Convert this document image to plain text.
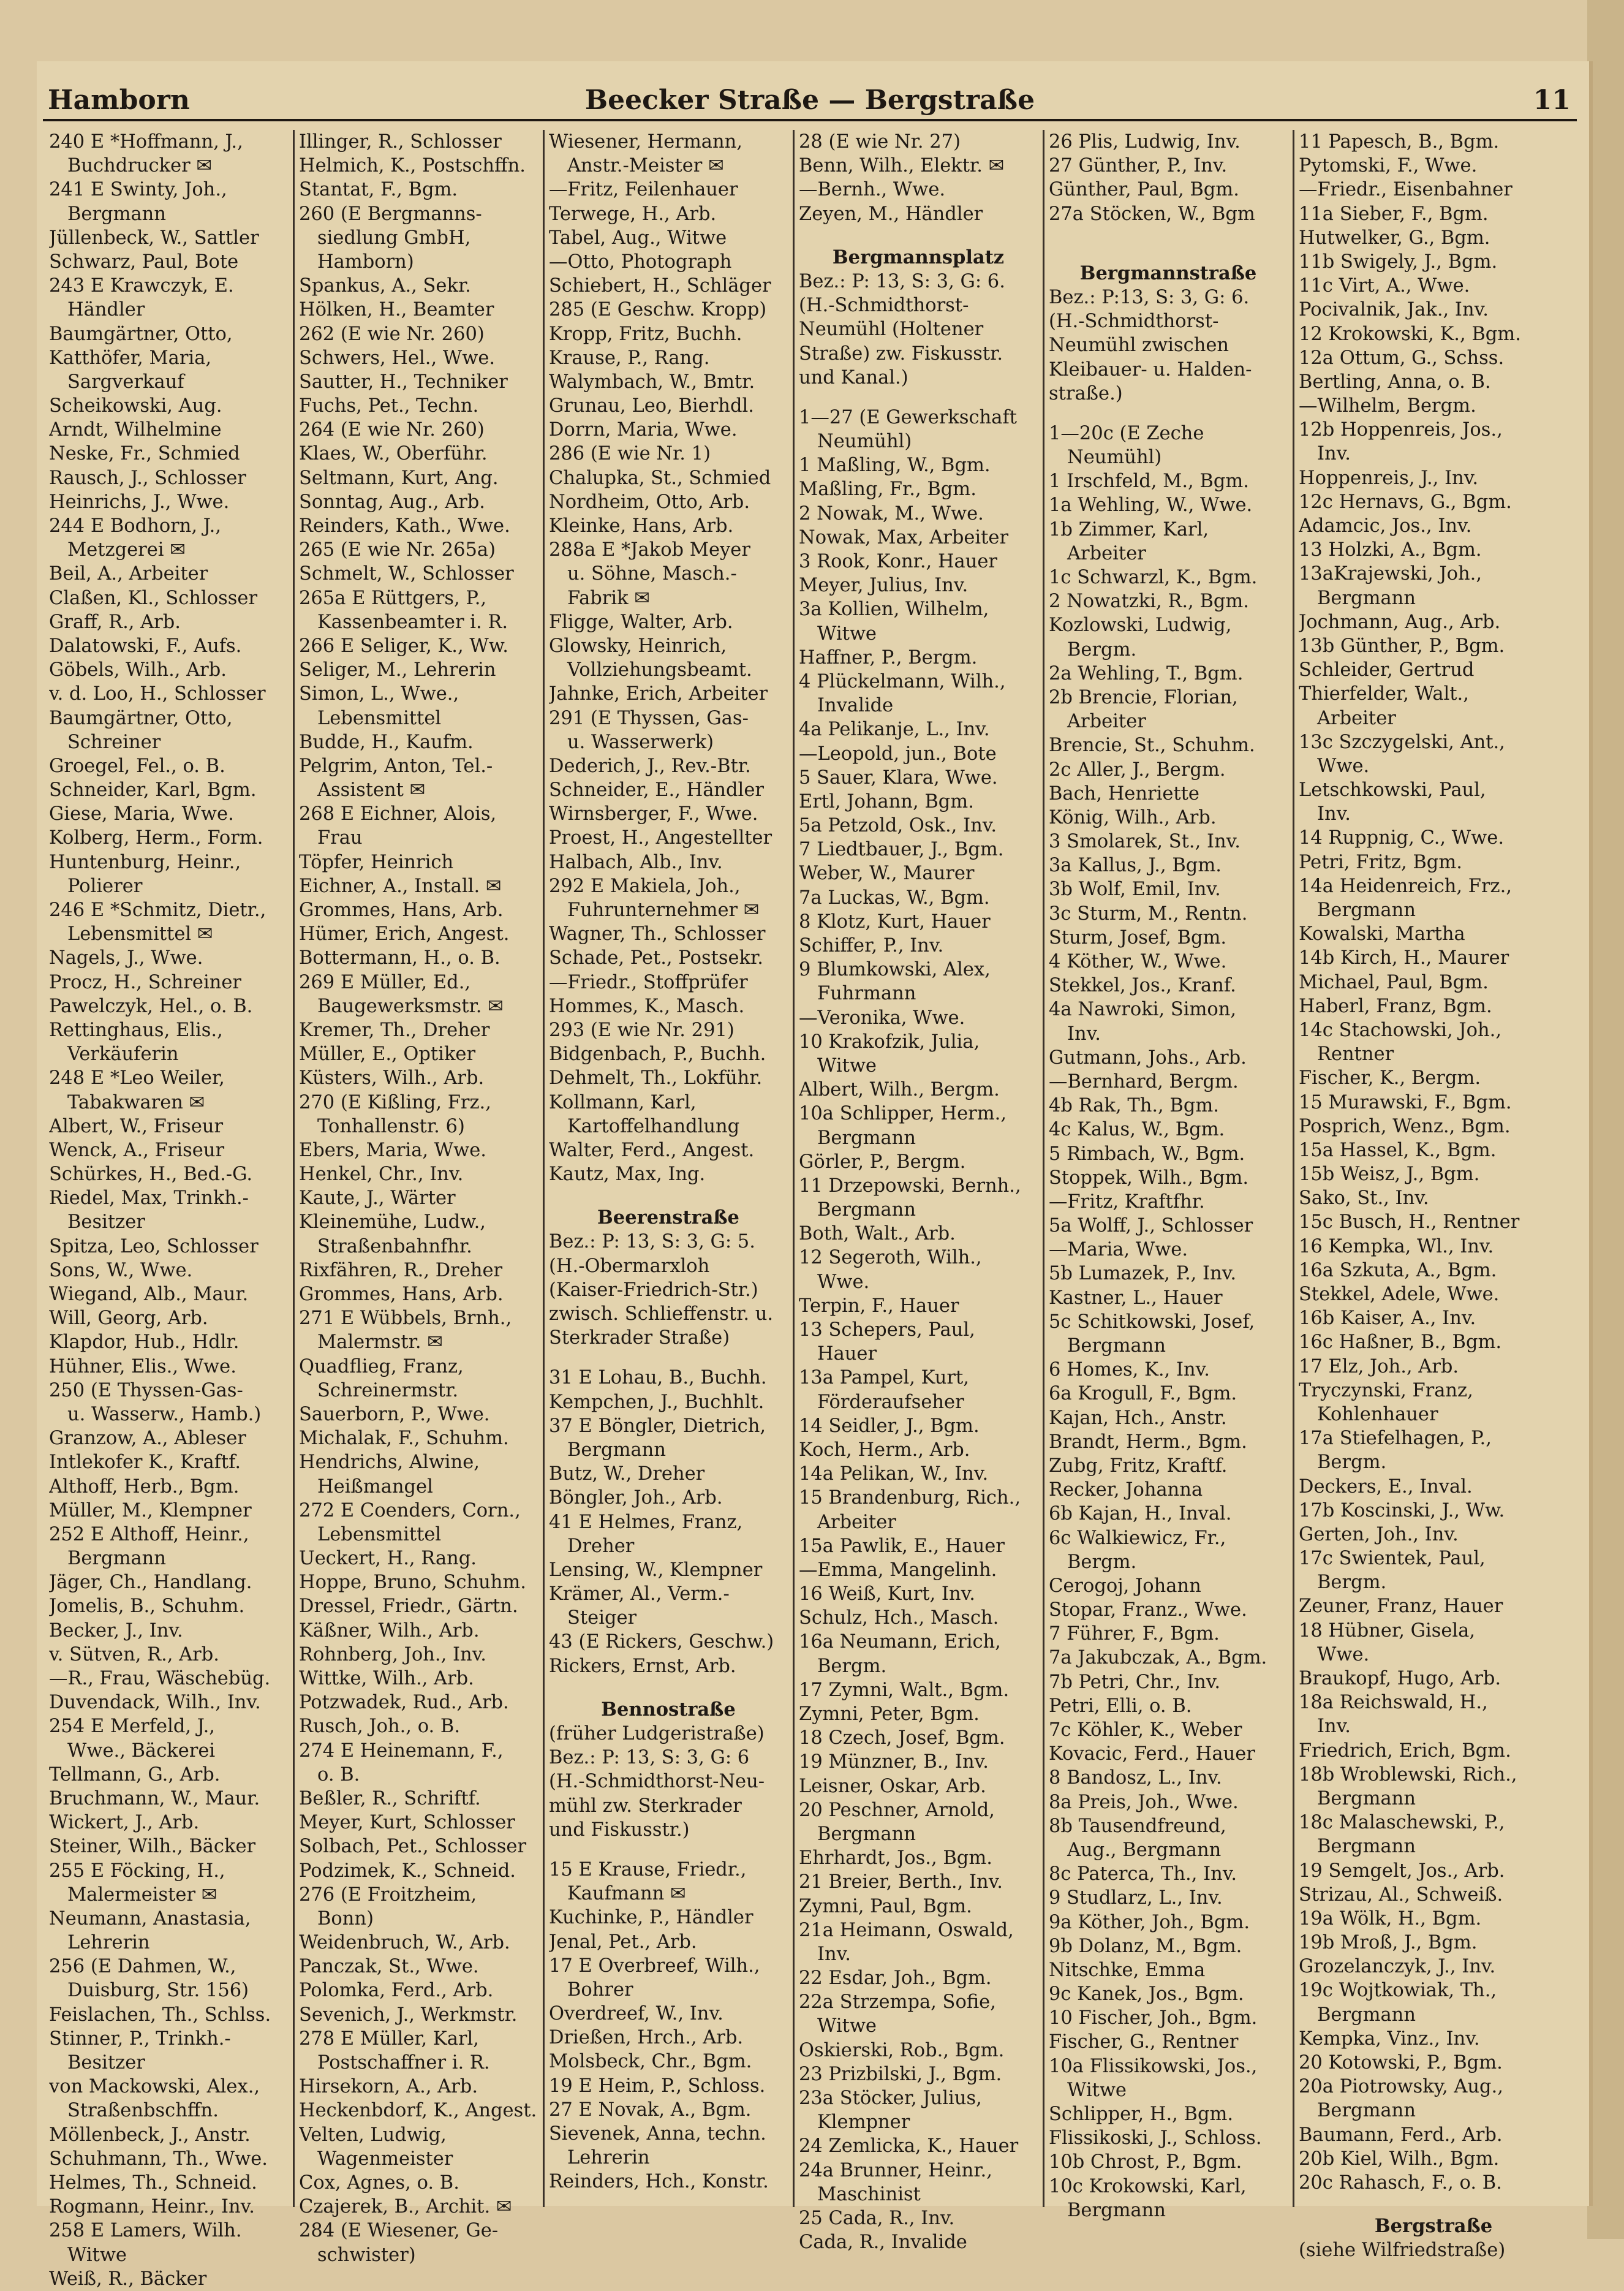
Hamborn	Beecker Straße — Bergstraße	11
240 E *Hoffmann, J.,
Buchdrucker ✉
241 E Swinty, Joh.,
Bergmann
Jüllenbeck, W., Sattler
Schwarz, Paul, Bote
243 E Krawczyk, E.
Händler
Baumgärtner, Otto,
Katthöfer, Maria,
Sargverkauf
Scheikowski, Aug.
Arndt, Wilhelmine
Neske, Fr., Schmied
Rausch, J., Schlosser
Heinrichs, J., Wwe.
244 E Bodhorn, J.,
Metzgerei ✉
Beil, A., Arbeiter
Claßen, Kl., Schlosser
Graff, R., Arb.
Dalatowski, F., Aufs.
Göbels, Wilh., Arb.
v. d. Loo, H., Schlosser
Baumgärtner, Otto,
Schreiner
Groegel, Fel., o. B.
Schneider, Karl, Bgm.
Giese, Maria, Wwe.
Kolberg, Herm., Form.
Huntenburg, Heinr.,
Polierer
246 E *Schmitz, Dietr.,
Lebensmittel ✉
Nagels, J., Wwe.
Procz, H., Schreiner
Pawelczyk, Hel., o. B.
Rettinghaus, Elis.,
Verkäuferin
248 E *Leo Weiler,
Tabakwaren ✉
Albert, W., Friseur
Wenck, A., Friseur
Schürkes, H., Bed.-G.
Riedel, Max, Trinkh.-
Besitzer
Spitza, Leo, Schlosser
Sons, W., Wwe.
Wiegand, Alb., Maur.
Will, Georg, Arb.
Klapdor, Hub., Hdlr.
Hühner, Elis., Wwe.
250 (E Thyssen-Gas-
u. Wasserw., Hamb.)
Granzow, A., Ableser
Intlekofer K., Kraftf.
Althoff, Herb., Bgm.
Müller, M., Klempner
252 E Althoff, Heinr.,
Bergmann
Jäger, Ch., Handlang.
Jomelis, B., Schuhm.
Becker, J., Inv.
v. Sütven, R., Arb.
—R., Frau, Wäschebüg.
Duvendack, Wilh., Inv.
254 E Merfeld, J.,
Wwe., Bäckerei
Tellmann, G., Arb.
Bruchmann, W., Maur.
Wickert, J., Arb.
Steiner, Wilh., Bäcker
255 E Föcking, H.,
Malermeister ✉
Neumann, Anastasia,
Lehrerin
256 (E Dahmen, W.,
Duisburg, Str. 156)
Feislachen, Th., Schlss.
Stinner, P., Trinkh.-
Besitzer
von Mackowski, Alex.,
Straßenbschffn.
Möllenbeck, J., Anstr.
Schuhmann, Th., Wwe.
Helmes, Th., Schneid.
Rogmann, Heinr., Inv.
258 E Lamers, Wilh.
Witwe
Weiß, R., Bäcker
Illinger, R., Schlosser
Helmich, K., Postschffn.
Stantat, F., Bgm.
260 (E Bergmanns-
siedlung GmbH,
Hamborn)
Spankus, A., Sekr.
Hölken, H., Beamter
262 (E wie Nr. 260)
Schwers, Hel., Wwe.
Sautter, H., Techniker
Fuchs, Pet., Techn.
264 (E wie Nr. 260)
Klaes, W., Oberführ.
Seltmann, Kurt, Ang.
Sonntag, Aug., Arb.
Reinders, Kath., Wwe.
265 (E wie Nr. 265a)
Schmelt, W., Schlosser
265a E Rüttgers, P.,
Kassenbeamter i. R.
266 E Seliger, K., Ww.
Seliger, M., Lehrerin
Simon, L., Wwe.,
Lebensmittel
Budde, H., Kaufm.
Pelgrim, Anton, Tel.-
Assistent ✉
268 E Eichner, Alois,
Frau
Töpfer, Heinrich
Eichner, A., Install. ✉
Grommes, Hans, Arb.
Hümer, Erich, Angest.
Bottermann, H., o. B.
269 E Müller, Ed.,
Baugewerksmstr. ✉
Kremer, Th., Dreher
Müller, E., Optiker
Küsters, Wilh., Arb.
270 (E Kißling, Frz.,
Tonhallenstr. 6)
Ebers, Maria, Wwe.
Henkel, Chr., Inv.
Kaute, J., Wärter
Kleinemühe, Ludw.,
Straßenbahnfhr.
Rixfähren, R., Dreher
Grommes, Hans, Arb.
271 E Wübbels, Brnh.,
Malermstr. ✉
Quadflieg, Franz,
Schreinermstr.
Sauerborn, P., Wwe.
Michalak, F., Schuhm.
Hendrichs, Alwine,
Heißmangel
272 E Coenders, Corn.,
Lebensmittel
Ueckert, H., Rang.
Hoppe, Bruno, Schuhm.
Dressel, Friedr., Gärtn.
Käßner, Wilh., Arb.
Rohnberg, Joh., Inv.
Wittke, Wilh., Arb.
Potzwadek, Rud., Arb.
Rusch, Joh., o. B.
274 E Heinemann, F.,
o. B.
Beßler, R., Schriftf.
Meyer, Kurt, Schlosser
Solbach, Pet., Schlosser
Podzimek, K., Schneid.
276 (E Froitzheim,
Bonn)
Weidenbruch, W., Arb.
Panczak, St., Wwe.
Polomka, Ferd., Arb.
Sevenich, J., Werkmstr.
278 E Müller, Karl,
Postschaffner i. R.
Hirsekorn, A., Arb.
Heckenbdorf, K., Angest.
Velten, Ludwig,
Wagenmeister
Cox, Agnes, o. B.
Czajerek, B., Archit. ✉
284 (E Wiesener, Ge-
schwister)
Wiesener, Hermann,
Anstr.-Meister ✉
—Fritz, Feilenhauer
Terwege, H., Arb.
Tabel, Aug., Witwe
—Otto, Photograph
Schiebert, H., Schläger
285 (E Geschw. Kropp)
Kropp, Fritz, Buchh.
Krause, P., Rang.
Walymbach, W., Bmtr.
Grunau, Leo, Bierhdl.
Dorrn, Maria, Wwe.
286 (E wie Nr. 1)
Chalupka, St., Schmied
Nordheim, Otto, Arb.
Kleinke, Hans, Arb.
288a E *Jakob Meyer
u. Söhne, Masch.-
Fabrik ✉
Fligge, Walter, Arb.
Glowsky, Heinrich,
Vollziehungsbeamt.
Jahnke, Erich, Arbeiter
291 (E Thyssen, Gas-
u. Wasserwerk)
Dederich, J., Rev.-Btr.
Schneider, E., Händler
Wirnsberger, F., Wwe.
Proest, H., Angestellter
Halbach, Alb., Inv.
292 E Makiela, Joh.,
Fuhrunternehmer ✉
Wagner, Th., Schlosser
Schade, Pet., Postsekr.
—Friedr., Stoffprüfer
Hommes, K., Masch.
293 (E wie Nr. 291)
Bidgenbach, P., Buchh.
Dehmelt, Th., Lokführ.
Kollmann, Karl,
Kartoffelhandlung
Walter, Ferd., Angest.
Kautz, Max, Ing.
Beerenstraße
Bez.: P: 13, S: 3, G: 5.
(H.-Obermarxloh
(Kaiser-Friedrich-Str.)
zwisch. Schlieffenstr. u.
Sterkrader Straße)
31 E Lohau, B., Buchh.
Kempchen, J., Buchhlt.
37 E Böngler, Dietrich,
Bergmann
Butz, W., Dreher
Böngler, Joh., Arb.
41 E Helmes, Franz,
Dreher
Lensing, W., Klempner
Krämer, Al., Verm.-
Steiger
43 (E Rickers, Geschw.)
Rickers, Ernst, Arb.
Bennostraße
(früher Ludgeristraße)
Bez.: P: 13, S: 3, G: 6
(H.-Schmidthorst-Neu-
mühl zw. Sterkrader
und Fiskusstr.)
15 E Krause, Friedr.,
Kaufmann ✉
Kuchinke, P., Händler
Jenal, Pet., Arb.
17 E Overbreef, Wilh.,
Bohrer
Overdreef, W., Inv.
Drießen, Hrch., Arb.
Molsbeck, Chr., Bgm.
19 E Heim, P., Schloss.
27 E Novak, A., Bgm.
Sievenek, Anna, techn.
Lehrerin
Reinders, Hch., Konstr.
28 (E wie Nr. 27)
Benn, Wilh., Elektr. ✉
—Bernh., Wwe.
Zeyen, M., Händler
Bergmannsplatz
Bez.: P: 13, S: 3, G: 6.
(H.-Schmidthorst-
Neumühl (Holtener
Straße) zw. Fiskusstr.
und Kanal.)
1—27 (E Gewerkschaft
Neumühl)
1 Maßling, W., Bgm.
Maßling, Fr., Bgm.
2 Nowak, M., Wwe.
Nowak, Max, Arbeiter
3 Rook, Konr., Hauer
Meyer, Julius, Inv.
3a Kollien, Wilhelm,
Witwe
Haffner, P., Bergm.
4 Plückelmann, Wilh.,
Invalide
4a Pelikanje, L., Inv.
—Leopold, jun., Bote
5 Sauer, Klara, Wwe.
Ertl, Johann, Bgm.
5a Petzold, Osk., Inv.
7 Liedtbauer, J., Bgm.
Weber, W., Maurer
7a Luckas, W., Bgm.
8 Klotz, Kurt, Hauer
Schiffer, P., Inv.
9 Blumkowski, Alex,
Fuhrmann
—Veronika, Wwe.
10 Krakofzik, Julia,
Witwe
Albert, Wilh., Bergm.
10a Schlipper, Herm.,
Bergmann
Görler, P., Bergm.
11 Drzepowski, Bernh.,
Bergmann
Both, Walt., Arb.
12 Segeroth, Wilh.,
Wwe.
Terpin, F., Hauer
13 Schepers, Paul,
Hauer
13a Pampel, Kurt,
Förderaufseher
14 Seidler, J., Bgm.
Koch, Herm., Arb.
14a Pelikan, W., Inv.
15 Brandenburg, Rich.,
Arbeiter
15a Pawlik, E., Hauer
—Emma, Mangelinh.
16 Weiß, Kurt, Inv.
Schulz, Hch., Masch.
16a Neumann, Erich,
Bergm.
17 Zymni, Walt., Bgm.
Zymni, Peter, Bgm.
18 Czech, Josef, Bgm.
19 Münzner, B., Inv.
Leisner, Oskar, Arb.
20 Peschner, Arnold,
Bergmann
Ehrhardt, Jos., Bgm.
21 Breier, Berth., Inv.
Zymni, Paul, Bgm.
21a Heimann, Oswald,
Inv.
22 Esdar, Joh., Bgm.
22a Strzempa, Sofie,
Witwe
Oskierski, Rob., Bgm.
23 Prizbilski, J., Bgm.
23a Stöcker, Julius,
Klempner
24 Zemlicka, K., Hauer
24a Brunner, Heinr.,
Maschinist
25 Cada, R., Inv.
Cada, R., Invalide
26 Plis, Ludwig, Inv.
27 Günther, P., Inv.
Günther, Paul, Bgm.
27a Stöcken, W., Bgm
Bergmannstraße
Bez.: P:13, S: 3, G: 6.
(H.-Schmidthorst-
Neumühl zwischen
Kleibauer- u. Halden-
straße.)
1—20c (E Zeche
Neumühl)
1 Irschfeld, M., Bgm.
1a Wehling, W., Wwe.
1b Zimmer, Karl,
Arbeiter
1c Schwarzl, K., Bgm.
2 Nowatzki, R., Bgm.
Kozlowski, Ludwig,
Bergm.
2a Wehling, T., Bgm.
2b Brencie, Florian,
Arbeiter
Brencie, St., Schuhm.
2c Aller, J., Bergm.
Bach, Henriette
König, Wilh., Arb.
3 Smolarek, St., Inv.
3a Kallus, J., Bgm.
3b Wolf, Emil, Inv.
3c Sturm, M., Rentn.
Sturm, Josef, Bgm.
4 Köther, W., Wwe.
Stekkel, Jos., Kranf.
4a Nawroki, Simon,
Inv.
Gutmann, Johs., Arb.
—Bernhard, Bergm.
4b Rak, Th., Bgm.
4c Kalus, W., Bgm.
5 Rimbach, W., Bgm.
Stoppek, Wilh., Bgm.
—Fritz, Kraftfhr.
5a Wolff, J., Schlosser
—Maria, Wwe.
5b Lumazek, P., Inv.
Kastner, L., Hauer
5c Schitkowski, Josef,
Bergmann
6 Homes, K., Inv.
6a Krogull, F., Bgm.
Kajan, Hch., Anstr.
Brandt, Herm., Bgm.
Zubg, Fritz, Kraftf.
Recker, Johanna
6b Kajan, H., Inval.
6c Walkiewicz, Fr.,
Bergm.
Cerogoj, Johann
Stopar, Franz., Wwe.
7 Führer, F., Bgm.
7a Jakubczak, A., Bgm.
7b Petri, Chr., Inv.
Petri, Elli, o. B.
7c Köhler, K., Weber
Kovacic, Ferd., Hauer
8 Bandosz, L., Inv.
8a Preis, Joh., Wwe.
8b Tausendfreund,
Aug., Bergmann
8c Paterca, Th., Inv.
9 Studlarz, L., Inv.
9a Köther, Joh., Bgm.
9b Dolanz, M., Bgm.
Nitschke, Emma
9c Kanek, Jos., Bgm.
10 Fischer, Joh., Bgm.
Fischer, G., Rentner
10a Flissikowski, Jos.,
Witwe
Schlipper, H., Bgm.
Flissikoski, J., Schloss.
10b Chrost, P., Bgm.
10c Krokowski, Karl,
Bergmann
11 Papesch, B., Bgm.
Pytomski, F., Wwe.
—Friedr., Eisenbahner
11a Sieber, F., Bgm.
Hutwelker, G., Bgm.
11b Swigely, J., Bgm.
11c Virt, A., Wwe.
Pocivalnik, Jak., Inv.
12 Krokowski, K., Bgm.
12a Ottum, G., Schss.
Bertling, Anna, o. B.
—Wilhelm, Bergm.
12b Hoppenreis, Jos.,
Inv.
Hoppenreis, J., Inv.
12c Hernavs, G., Bgm.
Adamcic, Jos., Inv.
13 Holzki, A., Bgm.
13aKrajewski, Joh.,
Bergmann
Jochmann, Aug., Arb.
13b Günther, P., Bgm.
Schleider, Gertrud
Thierfelder, Walt.,
Arbeiter
13c Szczygelski, Ant.,
Wwe.
Letschkowski, Paul,
Inv.
14 Ruppnig, C., Wwe.
Petri, Fritz, Bgm.
14a Heidenreich, Frz.,
Bergmann
Kowalski, Martha
14b Kirch, H., Maurer
Michael, Paul, Bgm.
Haberl, Franz, Bgm.
14c Stachowski, Joh.,
Rentner
Fischer, K., Bergm.
15 Murawski, F., Bgm.
Posprich, Wenz., Bgm.
15a Hassel, K., Bgm.
15b Weisz, J., Bgm.
Sako, St., Inv.
15c Busch, H., Rentner
16 Kempka, Wl., Inv.
16a Szkuta, A., Bgm.
Stekkel, Adele, Wwe.
16b Kaiser, A., Inv.
16c Haßner, B., Bgm.
17 Elz, Joh., Arb.
Tryczynski, Franz,
Kohlenhauer
17a Stiefelhagen, P.,
Bergm.
Deckers, E., Inval.
17b Koscinski, J., Ww.
Gerten, Joh., Inv.
17c Swientek, Paul,
Bergm.
Zeuner, Franz, Hauer
18 Hübner, Gisela,
Wwe.
Braukopf, Hugo, Arb.
18a Reichswald, H.,
Inv.
Friedrich, Erich, Bgm.
18b Wroblewski, Rich.,
Bergmann
18c Malaschewski, P.,
Bergmann
19 Semgelt, Jos., Arb.
Strizau, Al., Schweiß.
19a Wölk, H., Bgm.
19b Mroß, J., Bgm.
Grozelanczyk, J., Inv.
19c Wojtkowiak, Th.,
Bergmann
Kempka, Vinz., Inv.
20 Kotowski, P., Bgm.
20a Piotrowsky, Aug.,
Bergmann
Baumann, Ferd., Arb.
20b Kiel, Wilh., Bgm.
20c Rahasch, F., o. B.
Bergstraße
(siehe Wilfriedstraße)
